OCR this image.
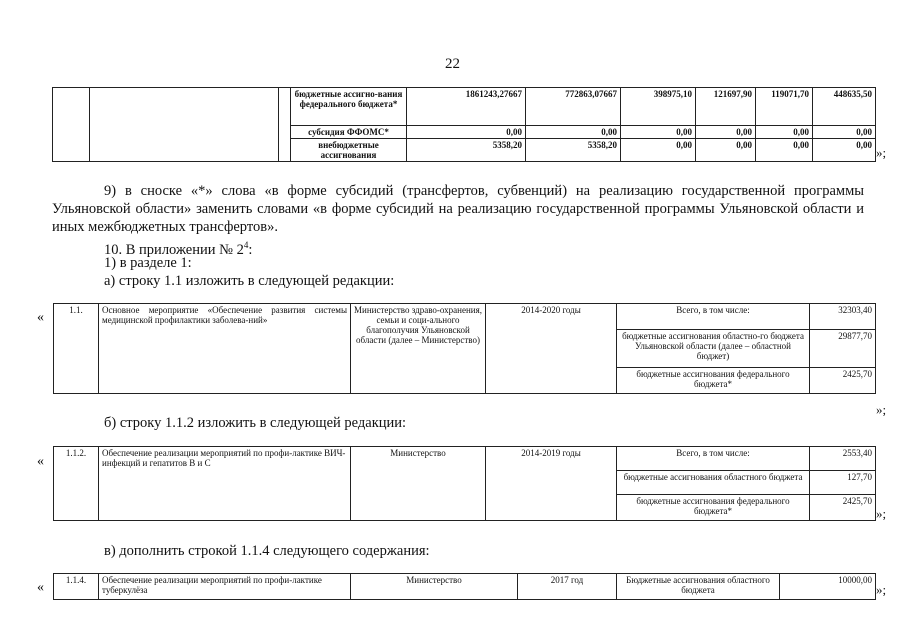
22
			бюджетные ассигно-вания федерального бюджета*	1861243,27667	772863,07667	398975,10	121697,90	119071,70	448635,50
			субсидия ФФОМС*	0,00	0,00	0,00	0,00	0,00	0,00
			внебюджетные ассигнования	5358,20	5358,20	0,00	0,00	0,00	0,00 »;
9) в сноске «*» слова «в форме субсидий (трансфертов, субвенций) на реализацию государственной программы Ульяновской области» заменить словами «в форме субсидий на реализацию государственной программы Ульяновской области и иных межбюджетных трансфертов».
10. В приложении № $2^4$:
1) в разделе 1:
а) строку 1.1 изложить в следующей редакции:
«	1.1.	Основное мероприятие «Обеспечение развития системы медицинской профилактики заболева-ний»	Министерство здраво-охранения, семьи и соци-ального благополучия Ульяновской области (далее – Министерство)	2014-2020 годы	Всего, в том числе:	32303,40
				бюджетные ассигнования областно-го бюджета Ульяновской области (далее – областной бюджет)	29877,70
				бюджетные ассигнования федерального бюджета*	2425,70
»;
б) строку 1.1.2 изложить в следующей редакции:
«
1.1.2.	Обеспечение реализации мероприятий по профи-лактике ВИЧ-инфекций и гепатитов В и С	Министерство	2014-2019 годы	Всего, в том числе:	2553,40
				бюджетные ассигнования областного бюджета	127,70
				бюджетные ассигнования федерального бюджета*	2425,70
»;
в) дополнить строкой 1.1.4 следующего содержания:
« 1.1.4.	Обеспечение реализации мероприятий по профи-лактике туберкулёза	Министерство	2017 год	Бюджетные ассигнования областного бюджета	10000,00
»;
